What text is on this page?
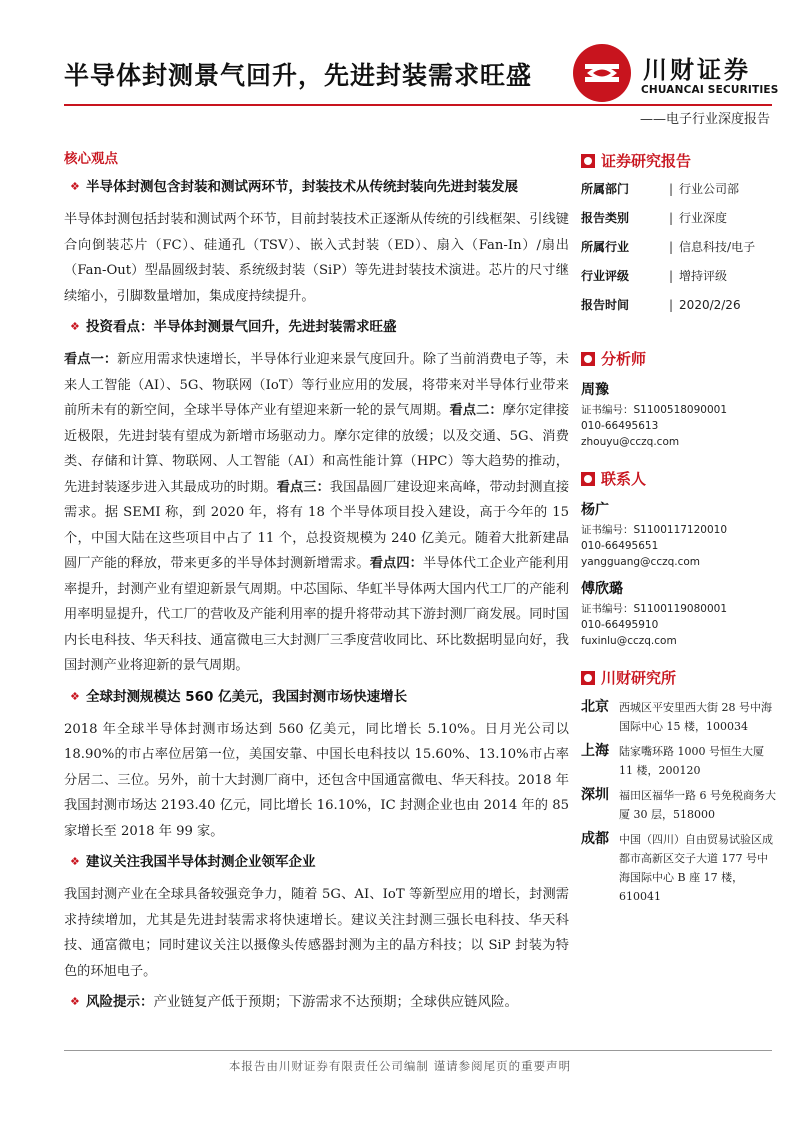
半导体封测景气回升，先进封装需求旺盛	川财证券
CHUANCAI SECURITIES
——电子行业深度报告
核心观点
❖ 半导体封测包含封装和测试两环节，封装技术从传统封装向先进封装发展
半导体封测包括封装和测试两个环节，目前封装技术正逐渐从传统的引线框架、引线键合向倒装芯片（FC）、硅通孔（TSV）、嵌入式封装（ED）、扇入（Fan-In）/扇出（Fan-Out）型晶圆级封装、系统级封装（SiP）等先进封装技术演进。芯片的尺寸继续缩小，引脚数量增加，集成度持续提升。
❖ 投资看点：半导体封测景气回升，先进封装需求旺盛
看点一：新应用需求快速增长，半导体行业迎来景气度回升。除了当前消费电子等，未来人工智能（AI）、5G、物联网（IoT）等行业应用的发展，将带来对半导体行业带来前所未有的新空间，全球半导体产业有望迎来新一轮的景气周期。看点二：摩尔定律接近极限，先进封装有望成为新增市场驱动力。摩尔定律的放缓；以及交通、5G、消费类、存储和计算、物联网、人工智能（AI）和高性能计算（HPC）等大趋势的推动，先进封装逐步进入其最成功的时期。看点三：我国晶圆厂建设迎来高峰，带动封测直接需求。据 SEMI 称，到 2020 年，将有 18 个半导体项目投入建设，高于今年的 15 个，中国大陆在这些项目中占了 11 个，总投资规模为 240 亿美元。随着大批新建晶圆厂产能的释放，带来更多的半导体封测新增需求。看点四：半导体代工企业产能利用率提升，封测产业有望迎新景气周期。中芯国际、华虹半导体两大国内代工厂的产能利用率明显提升，代工厂的营收及产能利用率的提升将带动其下游封测厂商发展。同时国内长电科技、华天科技、通富微电三大封测厂三季度营收同比、环比数据明显向好，我国封测产业将迎新的景气周期。
❖ 全球封测规模达 560 亿美元，我国封测市场快速增长
2018 年全球半导体封测市场达到 560 亿美元，同比增长 5.10%。日月光公司以 18.90%的市占率位居第一位，美国安靠、中国长电科技以 15.60%、13.10%市占率分居二、三位。另外，前十大封测厂商中，还包含中国通富微电、华天科技。2018 年我国封测市场达 2193.40 亿元，同比增长 16.10%，IC 封测企业也由 2014 年的 85 家增长至 2018 年 99 家。
❖ 建议关注我国半导体封测企业领军企业
我国封测产业在全球具备较强竞争力，随着 5G、AI、IoT 等新型应用的增长，封测需求持续增加，尤其是先进封装需求将快速增长。建议关注封测三强长电科技、华天科技、通富微电；同时建议关注以摄像头传感器封测为主的晶方科技；以 SiP 封装为特色的环旭电子。
❖ 风险提示：产业链复产低于预期；下游需求不达预期；全球供应链风险。
证券研究报告
所属部门	| 行业公司部
报告类别	| 行业深度
所属行业	| 信息科技/电子
行业评级	| 增持评级
报告时间	| 2020/2/26
分析师
周豫
证书编号：S1100518090001
010-66495613
zhouyu@cczq.com
联系人
杨广
证书编号：S1100117120010
010-66495651
yangguang@cczq.com
傅欣璐
证书编号：S1100119080001
010-66495910
fuxinlu@cczq.com
川财研究所
北京 西城区平安里西大街 28 号中海国际中心 15 楼，100034
上海 陆家嘴环路 1000 号恒生大厦 11 楼，200120
深圳 福田区福华一路 6 号免税商务大厦 30 层，518000
成都 中国（四川）自由贸易试验区成都市高新区交子大道 177 号中海国际中心 B 座 17 楼，610041
本报告由川财证券有限责任公司编制 谨请参阅尾页的重要声明
